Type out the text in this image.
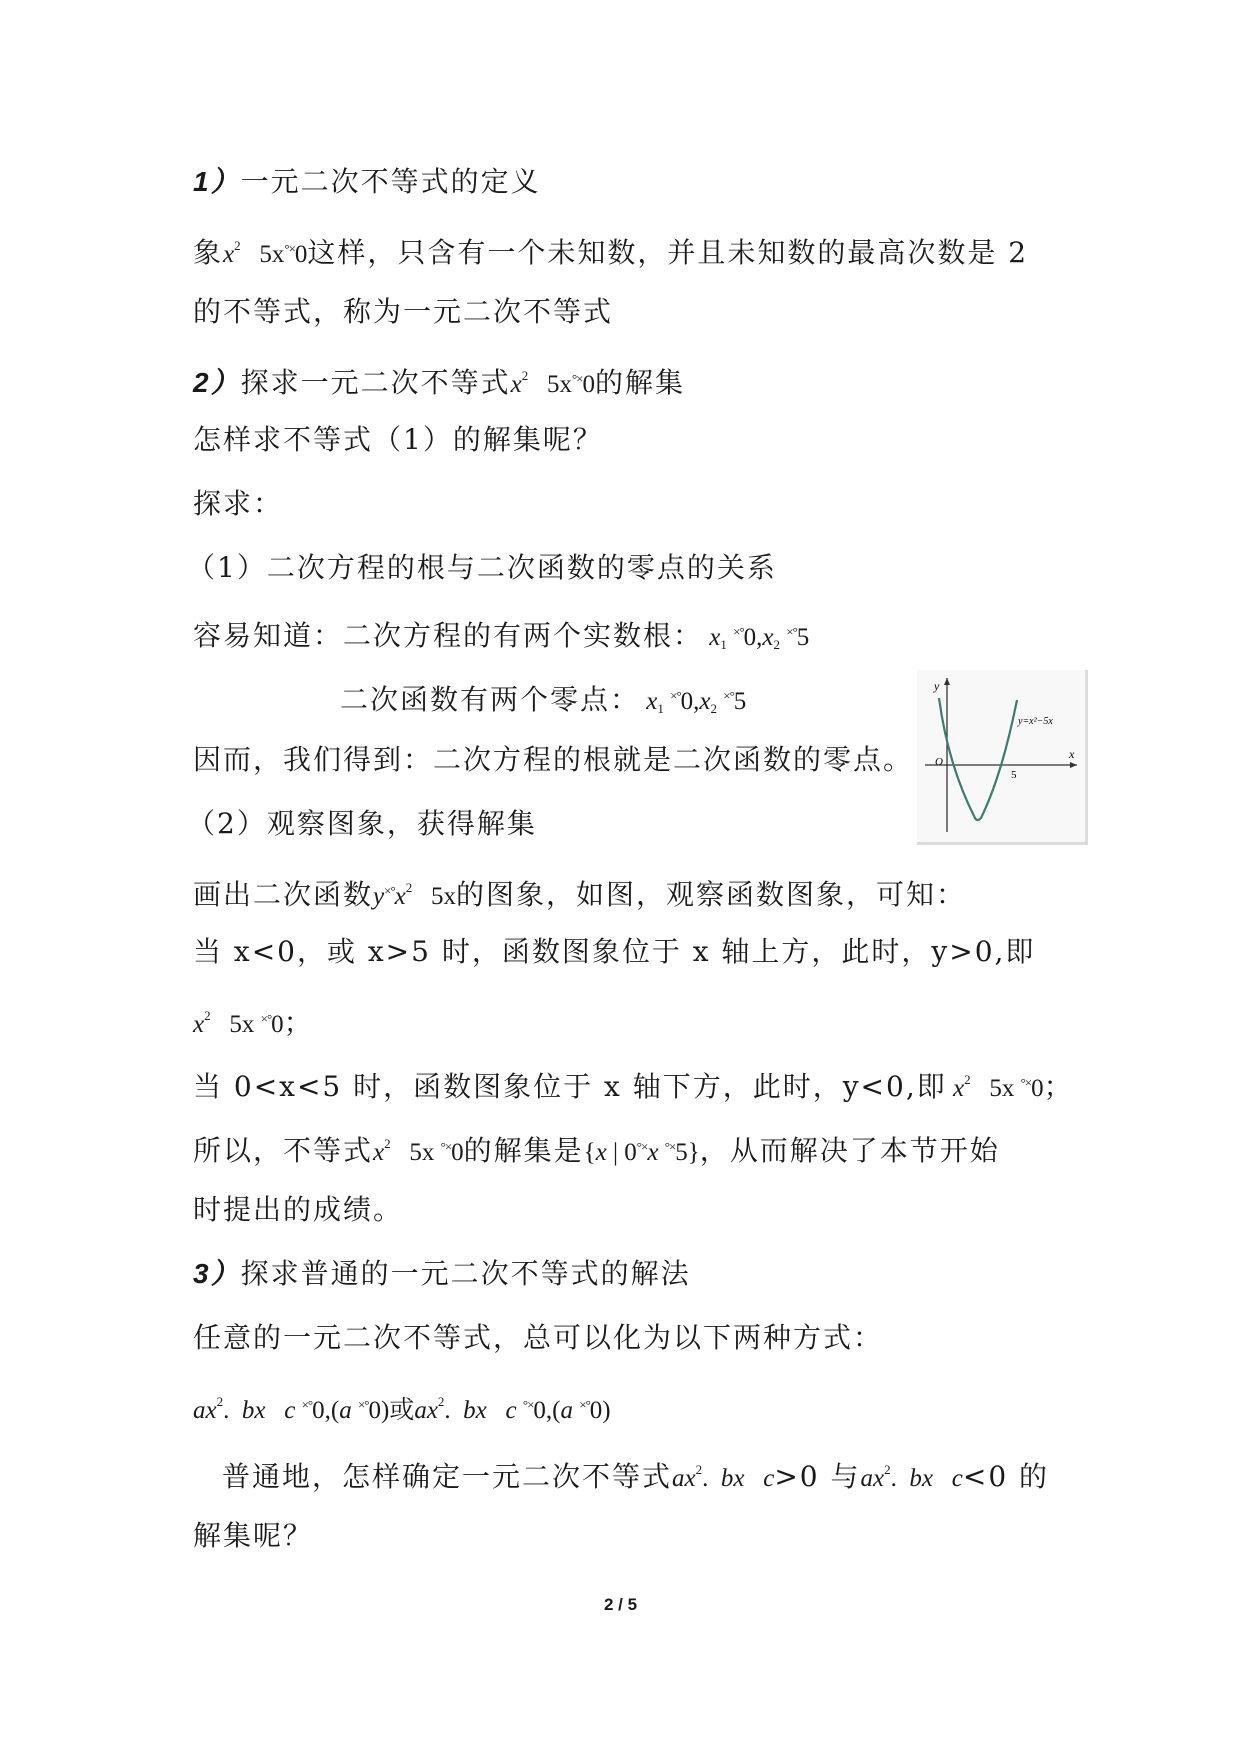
1）一元二次不等式的定义
象$x^2$ 5x°×0这样，只含有一个未知数，并且未知数的最高次数是 2
的不等式，称为一元二次不等式
2）探求一元二次不等式$x^2$ 5x°×0的解集
怎样求不等式（1）的解集呢？
探求：
（1）二次方程的根与二次函数的零点的关系
容易知道：二次方程的有两个实数根： $x_1$ $^{\times^\circ}0,x_2$ ×°5
二次函数有两个零点： $x_1$ $^{\times^\circ}0,x_2$ ×°5
y
x
O
5
y=x²−5x
因而，我们得到：二次方程的根就是二次函数的零点。
（2）观察图象，获得解集
画出二次函数$y^{\times^\circ}x^2$ 5x的图象，如图，观察函数图象，可知：
当 x<0，或 x>5 时，函数图象位于 x 轴上方，此时，y>0,即
$x^2$ 5x ×°0；
当 0<x<5 时，函数图象位于 x 轴下方，此时，y<0,即 $x^2$ 5x °×0；
所以，不等式$x^2$ 5x °×0的解集是{x | 0°×x °×5}，从而解决了本节开始
时提出的成绩。
3）探求普通的一元二次不等式的解法
任意的一元二次不等式，总可以化为以下两种方式：
$ax^2$.  bx c ×°0,(a ×°0)或$ax^2$.  bx c °×0,(a ×°0)
普通地，怎样确定一元二次不等式$ax^2$.  bx c>0 与$ax^2$.  bx c<0 的
解集呢？
2 / 5
